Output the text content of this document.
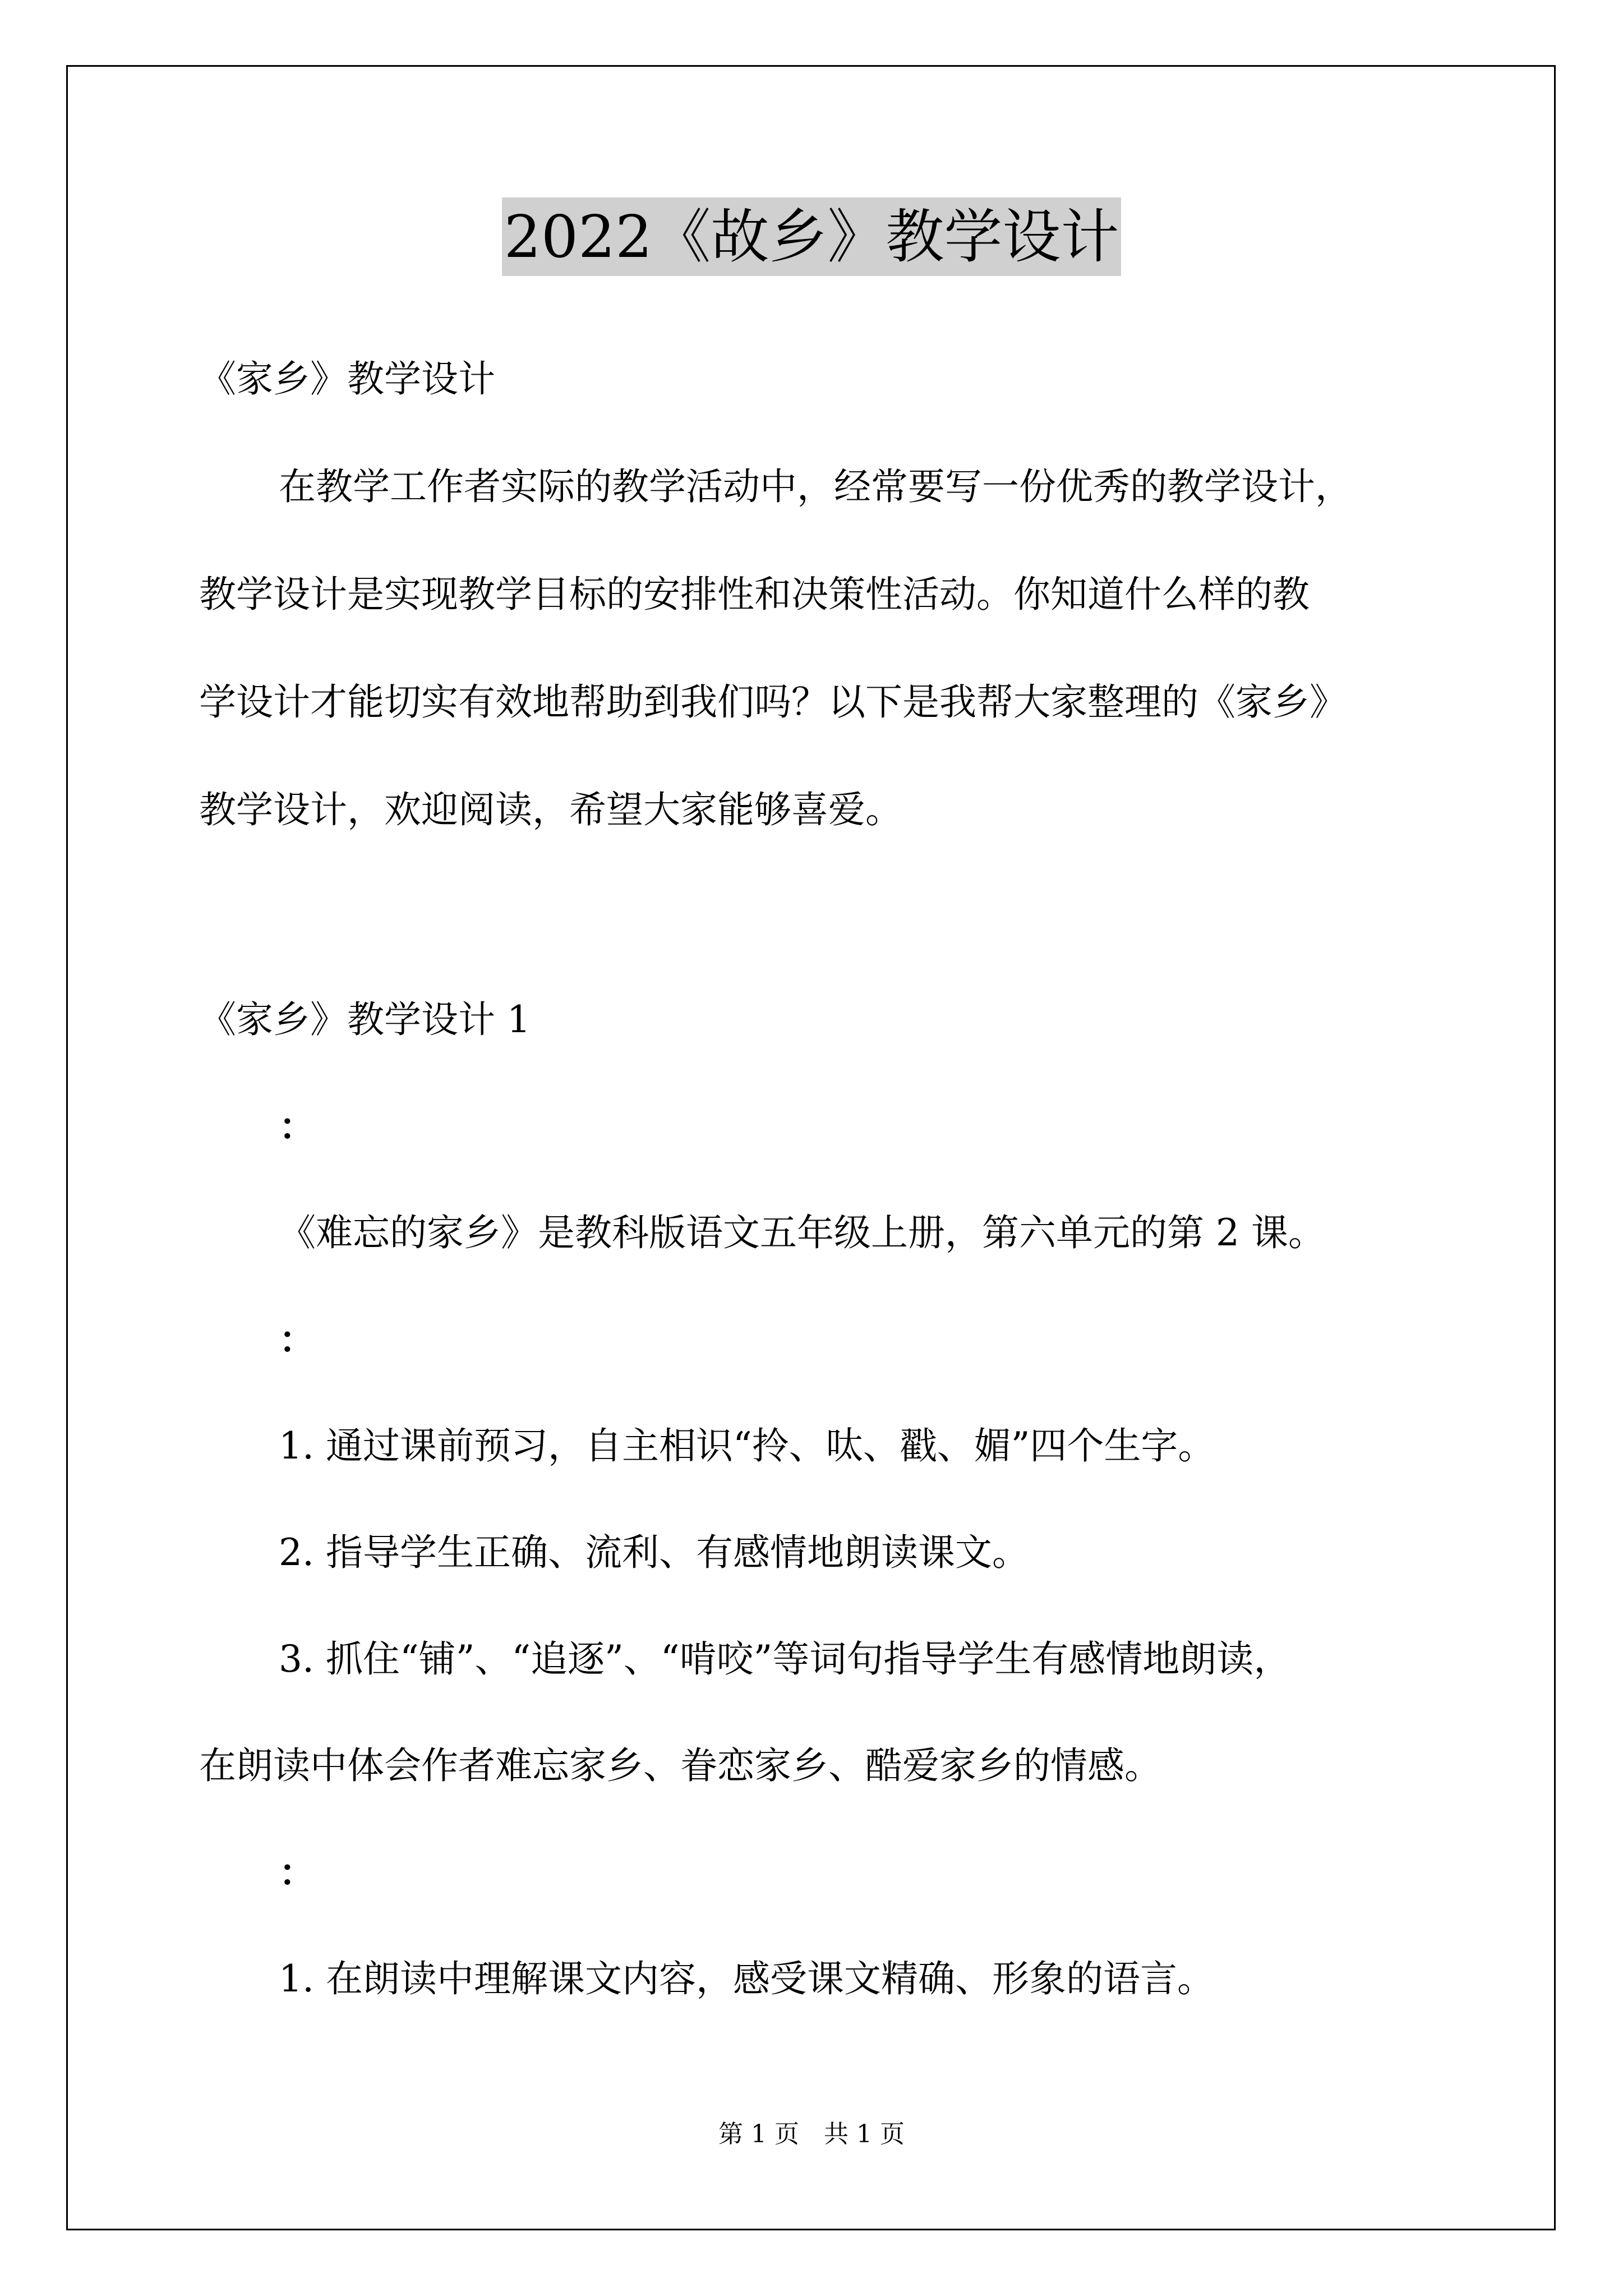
2022《故乡》教学设计
《家乡》教学设计
在教学工作者实际的教学活动中，经常要写一份优秀的教学设计，
教学设计是实现教学目标的安排性和决策性活动。你知道什么样的教
学设计才能切实有效地帮助到我们吗？以下是我帮大家整理的《家乡》
教学设计，欢迎阅读，希望大家能够喜爱。
《家乡》教学设计 1
：
《难忘的家乡》是教科版语文五年级上册，第六单元的第 2 课。
：
1. 通过课前预习，自主相识“拎、呔、戳、媚”四个生字。
2. 指导学生正确、流利、有感情地朗读课文。
3. 抓住“铺”、“追逐”、“啃咬”等词句指导学生有感情地朗读，
在朗读中体会作者难忘家乡、眷恋家乡、酷爱家乡的情感。
：
1. 在朗读中理解课文内容，感受课文精确、形象的语言。
第 1 页　共 1 页
